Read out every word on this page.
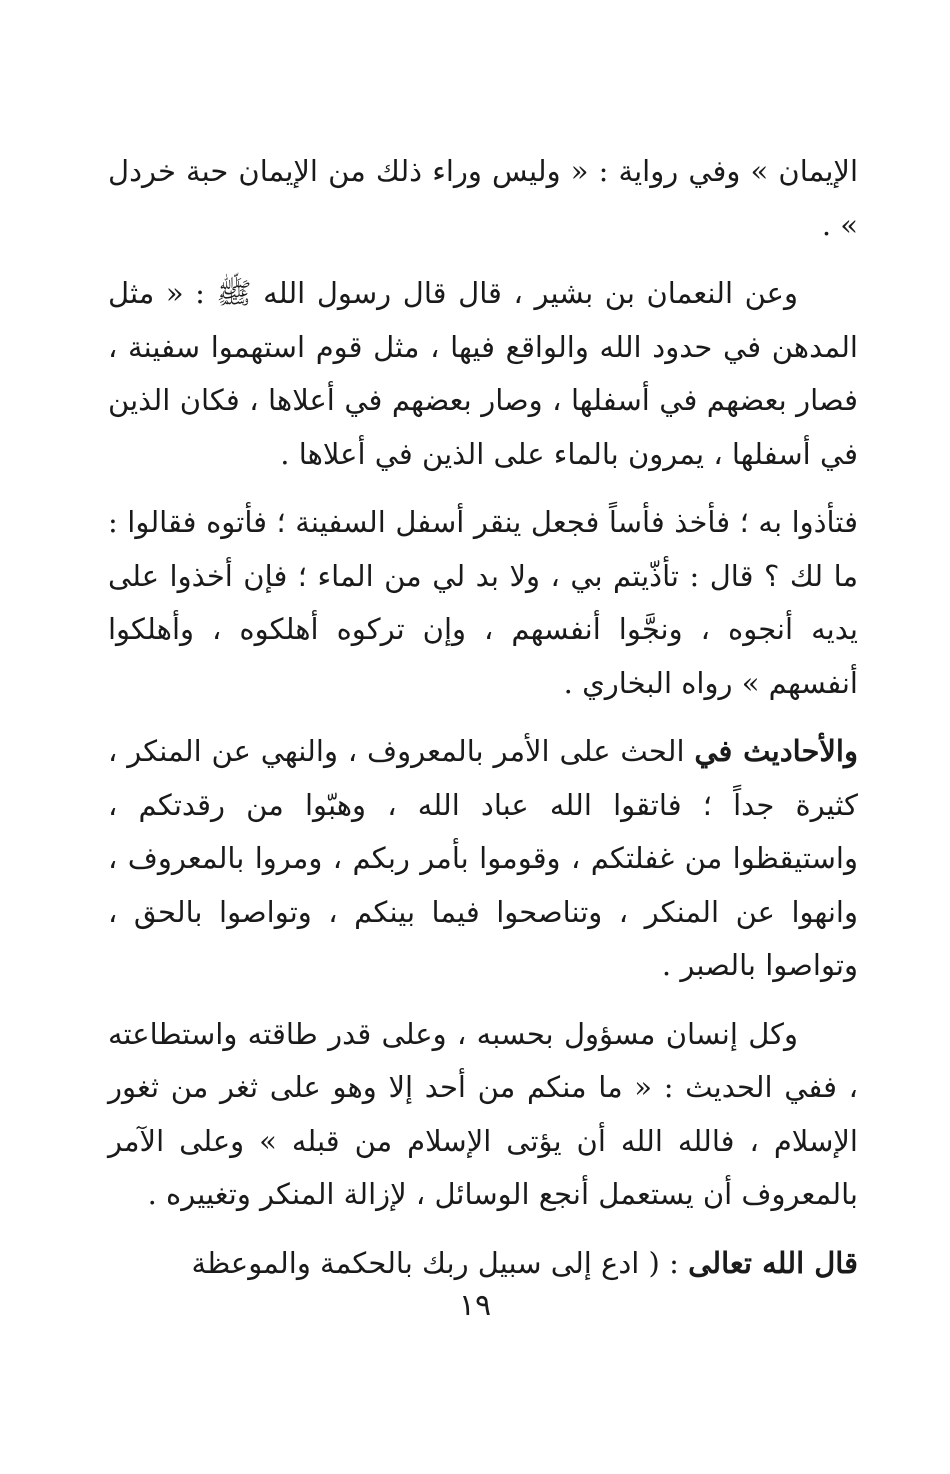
الإيمان » وفي رواية : « وليس وراء ذلك من الإيمان حبة خردل » .

وعن النعمان بن بشير ، قال قال رسول الله ﷺ : « مثل المدهن في حدود الله والواقع فيها ، مثل قوم استهموا سفينة ، فصار بعضهم في أسفلها ، وصار بعضهم في أعلاها ، فكان الذين في أسفلها ، يمرون بالماء على الذين في أعلاها .

فتأذوا به ؛ فأخذ فأساً فجعل ينقر أسفل السفينة ؛ فأتوه فقالوا : ما لك ؟ قال : تأذّيتم بي ، ولا بد لي من الماء ؛ فإن أخذوا على يديه أنجوه ، ونجَّوا أنفسهم ، وإن تركوه أهلكوه ، وأهلكوا أنفسهم » رواه البخاري .

والأحاديث في الحث على الأمر بالمعروف ، والنهي عن المنكر ، كثيرة جداً ؛ فاتقوا الله عباد الله ، وهبّوا من رقدتكم ، واستيقظوا من غفلتكم ، وقوموا بأمر ربكم ، ومروا بالمعروف ، وانهوا عن المنكر ، وتناصحوا فيما بينكم ، وتواصوا بالحق ، وتواصوا بالصبر .

وكل إنسان مسؤول بحسبه ، وعلى قدر طاقته واستطاعته ، ففي الحديث : « ما منكم من أحد إلا وهو على ثغر من ثغور الإسلام ، فالله الله أن يؤتى الإسلام من قبله » وعلى الآمر بالمعروف أن يستعمل أنجع الوسائل ، لإزالة المنكر وتغييره .

قال الله تعالى : ( ادع إلى سبيل ربك بالحكمة والموعظة

١٩
